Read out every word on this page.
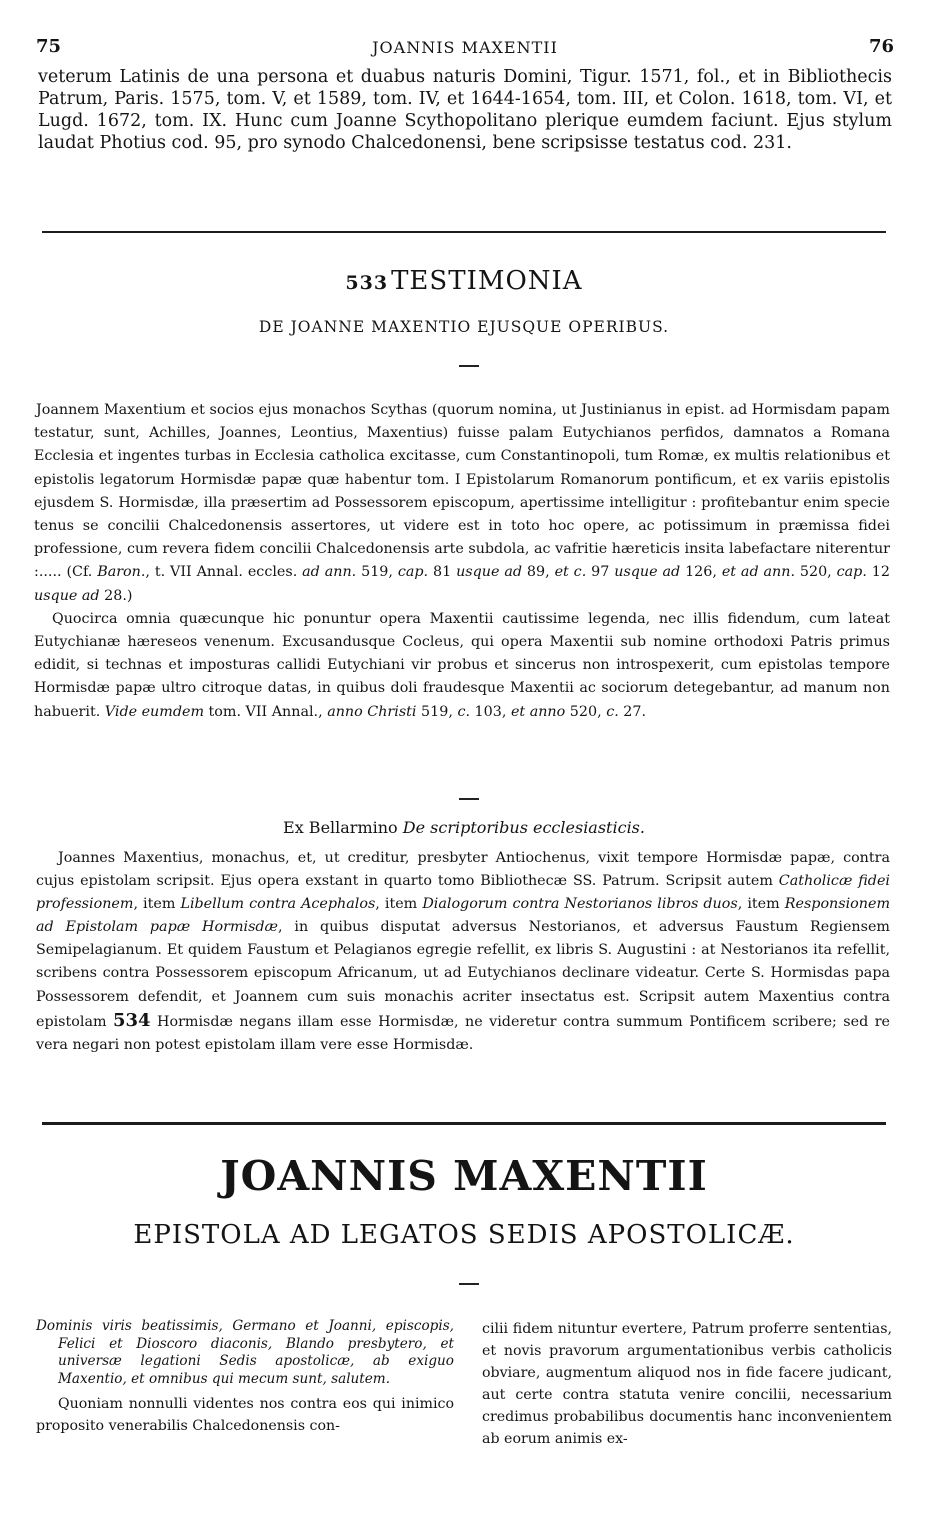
75	JOANNIS MAXENTII	76
veterum Latinis de una persona et duabus naturis Domini, Tigur. 1571, fol., et in Bibliothecis Patrum, Paris. 1575, tom. V, et 1589, tom. IV, et 1644-1654, tom. III, et Colon. 1618, tom. VI, et Lugd. 1672, tom. IX. Hunc cum Joanne Scythopolitano plerique eumdem faciunt. Ejus stylum laudat Photius cod. 95, pro synodo Chalcedonensi, bene scripsisse testatus cod. 231.
533 TESTIMONIA
DE JOANNE MAXENTIO EJUSQUE OPERIBUS.

Joannem Maxentium et socios ejus monachos Scythas (quorum nomina, ut Justinianus in epist. ad Hormisdam papam testatur, sunt, Achilles, Joannes, Leontius, Maxentius) fuisse palam Eutychianos perfidos, damnatos a Romana Ecclesia et ingentes turbas in Ecclesia catholica excitasse, cum Constantinopoli, tum Romæ, ex multis relationibus et epistolis legatorum Hormisdæ papæ quæ habentur tom. I Epistolarum Romanorum pontificum, et ex variis epistolis ejusdem S. Hormisdæ, illa præsertim ad Possessorem episcopum, apertissime intelligitur : profitebantur enim specie tenus se concilii Chalcedonensis assertores, ut videre est in toto hoc opere, ac potissimum in præmissa fidei professione, cum revera fidem concilii Chalcedonensis arte subdola, ac vafritie hæreticis insita labefactare niterentur :..... (Cf. Baron., t. VII Annal. eccles. ad ann. 519, cap. 81 usque ad 89, et c. 97 usque ad 126, et ad ann. 520, cap. 12 usque ad 28.)

Quocirca omnia quæcunque hic ponuntur opera Maxentii cautissime legenda, nec illis fidendum, cum lateat Eutychianæ hæreseos venenum. Excusandusque Cocleus, qui opera Maxentii sub nomine orthodoxi Patris primus edidit, si technas et imposturas callidi Eutychiani vir probus et sincerus non introspexerit, cum epistolas tempore Hormisdæ papæ ultro citroque datas, in quibus doli fraudesque Maxentii ac sociorum detegebantur, ad manum non habuerit. Vide eumdem tom. VII Annal., anno Christi 519, c. 103, et anno 520, c. 27.

Ex Bellarmino De scriptoribus ecclesiasticis.

Joannes Maxentius, monachus, et, ut creditur, presbyter Antiochenus, vixit tempore Hormisdæ papæ, contra cujus epistolam scripsit. Ejus opera exstant in quarto tomo Bibliothecæ SS. Patrum. Scripsit autem Catholicæ fidei professionem, item Libellum contra Acephalos, item Dialogorum contra Nestorianos libros duos, item Responsionem ad Epistolam papæ Hormisdæ, in quibus disputat adversus Nestorianos, et adversus Faustum Regiensem Semipelagianum. Et quidem Faustum et Pelagianos egregie refellit, ex libris S. Augustini : at Nestorianos ita refellit, scribens contra Possessorem episcopum Africanum, ut ad Eutychianos declinare videatur. Certe S. Hormisdas papa Possessorem defendit, et Joannem cum suis monachis acriter insectatus est. Scripsit autem Maxentius contra epistolam 534 Hormisdæ negans illam esse Hormisdæ, ne videretur contra summum Pontificem scribere; sed re vera negari non potest epistolam illam vere esse Hormisdæ.

JOANNIS MAXENTII
EPISTOLA AD LEGATOS SEDIS APOSTOLICÆ.

Dominis viris beatissimis, Germano et Joanni, episcopis, Felici et Dioscoro diaconis, Blando presbytero, et universæ legationi Sedis apostolicæ, ab exiguo Maxentio, et omnibus qui mecum sunt, salutem.

Quoniam nonnulli videntes nos contra eos qui inimico proposito venerabilis Chalcedonensis con-

cilii fidem nituntur evertere, Patrum proferre sententias, et novis pravorum argumentationibus verbis catholicis obviare, augmentum aliquod nos in fide facere judicant, aut certe contra statuta venire concilii, necessarium credimus probabilibus documentis hanc inconvenientem ab eorum animis ex-
